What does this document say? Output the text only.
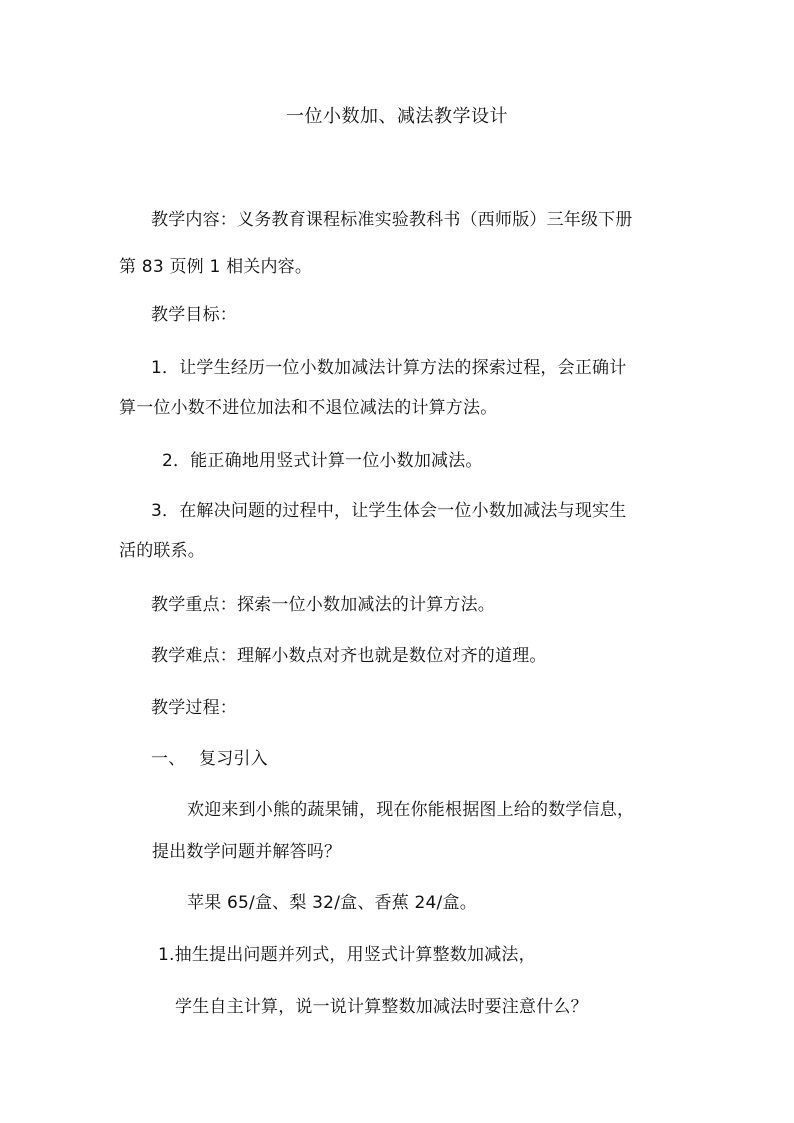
一位小数加、减法教学设计
教学内容：义务教育课程标准实验教科书（西师版）三年级下册
第 83 页例 1 相关内容。
教学目标：
1．让学生经历一位小数加减法计算方法的探索过程，会正确计
算一位小数不进位加法和不退位减法的计算方法。
2．能正确地用竖式计算一位小数加减法。
3．在解决问题的过程中，让学生体会一位小数加减法与现实生
活的联系。
教学重点：探索一位小数加减法的计算方法。
教学难点：理解小数点对齐也就是数位对齐的道理。
教学过程：
一、 复习引入
欢迎来到小熊的蔬果铺，现在你能根据图上给的数学信息，
提出数学问题并解答吗？
苹果 65/盒、梨 32/盒、香蕉 24/盒。
1.抽生提出问题并列式，用竖式计算整数加减法，
学生自主计算，说一说计算整数加减法时要注意什么？
